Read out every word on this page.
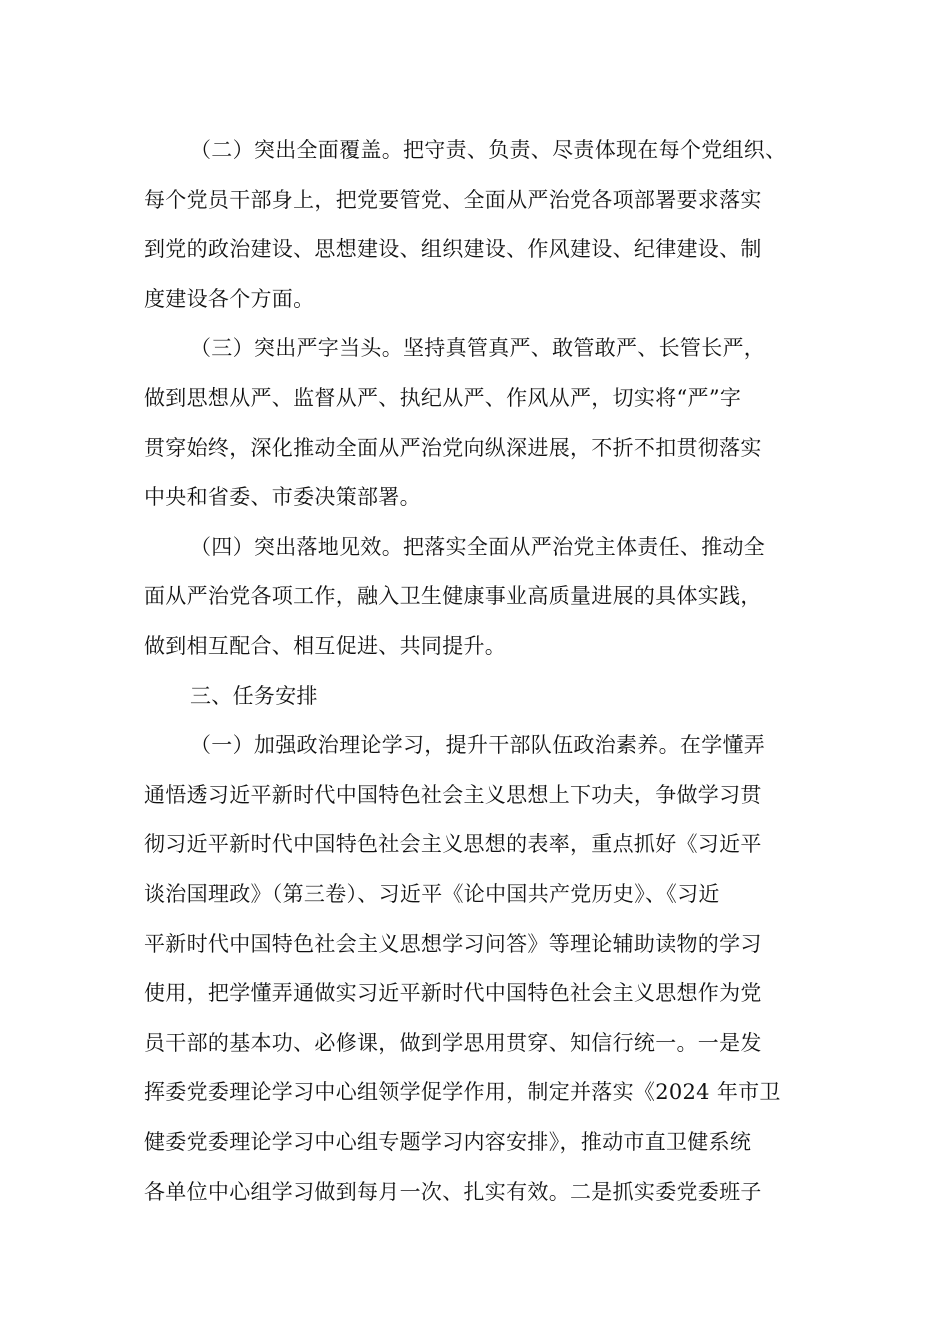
（二）突出全面覆盖。把守责、负责、尽责体现在每个党组织、
每个党员干部身上，把党要管党、全面从严治党各项部署要求落实
到党的政治建设、思想建设、组织建设、作风建设、纪律建设、制
度建设各个方面。
（三）突出严字当头。坚持真管真严、敢管敢严、长管长严，
做到思想从严、监督从严、执纪从严、作风从严，切实将“严”字
贯穿始终，深化推动全面从严治党向纵深进展，不折不扣贯彻落实
中央和省委、市委决策部署。
（四）突出落地见效。把落实全面从严治党主体责任、推动全
面从严治党各项工作，融入卫生健康事业高质量进展的具体实践，
做到相互配合、相互促进、共同提升。
三、任务安排
（一）加强政治理论学习，提升干部队伍政治素养。在学懂弄
通悟透习近平新时代中国特色社会主义思想上下功夫，争做学习贯
彻习近平新时代中国特色社会主义思想的表率，重点抓好《习近平
谈治国理政》（第三卷）、习近平《论中国共产党历史》、《习近
平新时代中国特色社会主义思想学习问答》等理论辅助读物的学习
使用，把学懂弄通做实习近平新时代中国特色社会主义思想作为党
员干部的基本功、必修课，做到学思用贯穿、知信行统一。一是发
挥委党委理论学习中心组领学促学作用，制定并落实《2024 年市卫
健委党委理论学习中心组专题学习内容安排》，推动市直卫健系统
各单位中心组学习做到每月一次、扎实有效。二是抓实委党委班子
